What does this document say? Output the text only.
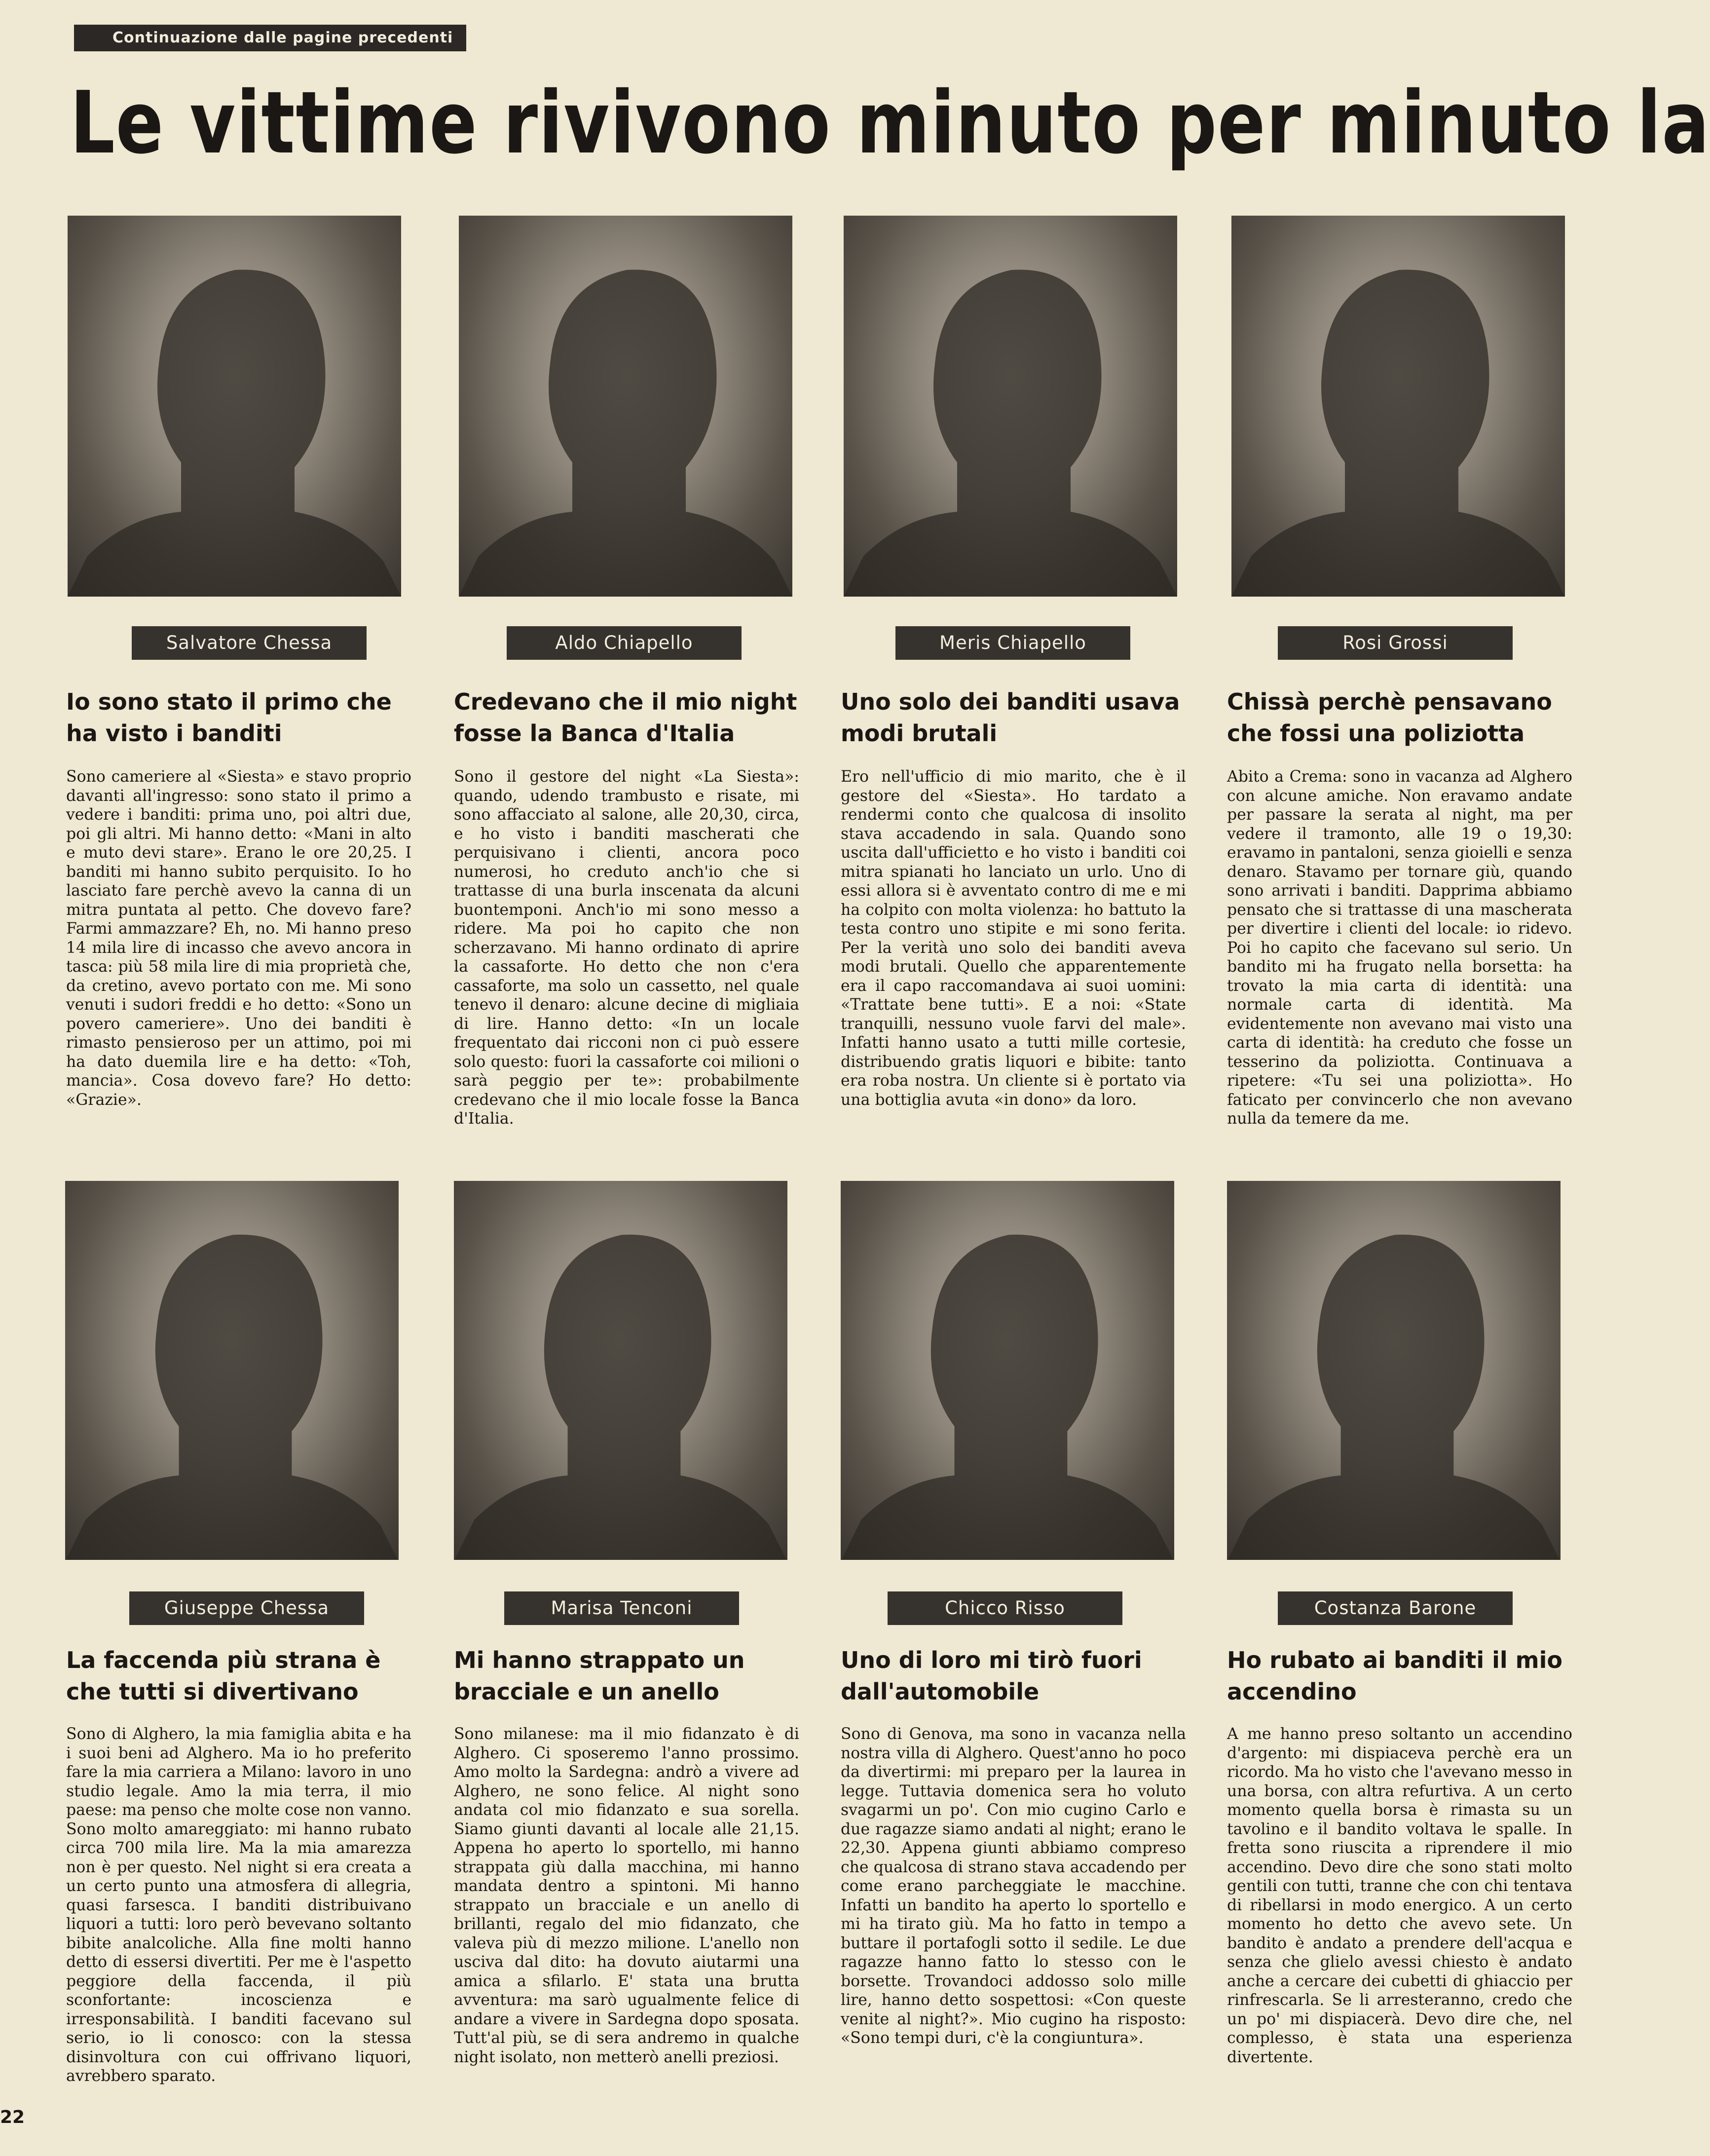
Continuazione dalle pagine precedenti
Le vittime rivivono minuto per minuto la
Salvatore Chessa	Aldo Chiapello	Meris Chiapello	Rosi Grossi
Io sono stato il primo che ha visto i banditi
Credevano che il mio night fosse la Banca d'Italia
Uno solo dei banditi usava modi brutali
Chissà perchè pensavano che fossi una poliziotta
Sono cameriere al «Siesta» e stavo proprio davanti all'ingresso: sono stato il primo a vedere i banditi: prima uno, poi altri due, poi gli altri. Mi hanno detto: «Mani in alto e muto devi stare». Erano le ore 20,25. I banditi mi hanno subito perquisito. Io ho lasciato fare perchè avevo la canna di un mitra puntata al petto. Che dovevo fare? Farmi ammazzare? Eh, no. Mi hanno preso 14 mila lire di incasso che avevo ancora in tasca: più 58 mila lire di mia proprietà che, da cretino, avevo portato con me. Mi sono venuti i sudori freddi e ho detto: «Sono un povero cameriere». Uno dei banditi è rimasto pensieroso per un attimo, poi mi ha dato duemila lire e ha detto: «Toh, mancia». Cosa dovevo fare? Ho detto: «Grazie».
Sono il gestore del night «La Siesta»: quando, udendo trambusto e risate, mi sono affacciato al salone, alle 20,30, circa, e ho visto i banditi mascherati che perquisivano i clienti, ancora poco numerosi, ho creduto anch'io che si trattasse di una burla inscenata da alcuni buontemponi. Anch'io mi sono messo a ridere. Ma poi ho capito che non scherzavano. Mi hanno ordinato di aprire la cassaforte. Ho detto che non c'era cassaforte, ma solo un cassetto, nel quale tenevo il denaro: alcune decine di migliaia di lire. Hanno detto: «In un locale frequentato dai ricconi non ci può essere solo questo: fuori la cassaforte coi milioni o sarà peggio per te»: probabilmente credevano che il mio locale fosse la Banca d'Italia.
Ero nell'ufficio di mio marito, che è il gestore del «Siesta». Ho tardato a rendermi conto che qualcosa di insolito stava accadendo in sala. Quando sono uscita dall'ufficietto e ho visto i banditi coi mitra spianati ho lanciato un urlo. Uno di essi allora si è avventato contro di me e mi ha colpito con molta violenza: ho battuto la testa contro uno stipite e mi sono ferita. Per la verità uno solo dei banditi aveva modi brutali. Quello che apparentemente era il capo raccomandava ai suoi uomini: «Trattate bene tutti». E a noi: «State tranquilli, nessuno vuole farvi del male». Infatti hanno usato a tutti mille cortesie, distribuendo gratis liquori e bibite: tanto era roba nostra. Un cliente si è portato via una bottiglia avuta «in dono» da loro.
Abito a Crema: sono in vacanza ad Alghero con alcune amiche. Non eravamo andate per passare la serata al night, ma per vedere il tramonto, alle 19 o 19,30: eravamo in pantaloni, senza gioielli e senza denaro. Stavamo per tornare giù, quando sono arrivati i banditi. Dapprima abbiamo pensato che si trattasse di una mascherata per divertire i clienti del locale: io ridevo. Poi ho capito che facevano sul serio. Un bandito mi ha frugato nella borsetta: ha trovato la mia carta di identità: una normale carta di identità. Ma evidentemente non avevano mai visto una carta di identità: ha creduto che fosse un tesserino da poliziotta. Continuava a ripetere: «Tu sei una poliziotta». Ho faticato per convincerlo che non avevano nulla da temere da me.
Giuseppe Chessa	Marisa Tenconi	Chicco Risso	Costanza Barone
La faccenda più strana è che tutti si divertivano
Mi hanno strappato un bracciale e un anello
Uno di loro mi tirò fuori dall'automobile
Ho rubato ai banditi il mio accendino
Sono di Alghero, la mia famiglia abita e ha i suoi beni ad Alghero. Ma io ho preferito fare la mia carriera a Milano: lavoro in uno studio legale. Amo la mia terra, il mio paese: ma penso che molte cose non vanno. Sono molto amareggiato: mi hanno rubato circa 700 mila lire. Ma la mia amarezza non è per questo. Nel night si era creata a un certo punto una atmosfera di allegria, quasi farsesca. I banditi distribuivano liquori a tutti: loro però bevevano soltanto bibite analcoliche. Alla fine molti hanno detto di essersi divertiti. Per me è l'aspetto peggiore della faccenda, il più sconfortante: incoscienza e irresponsabilità. I banditi facevano sul serio, io li conosco: con la stessa disinvoltura con cui offrivano liquori, avrebbero sparato.
Sono milanese: ma il mio fidanzato è di Alghero. Ci sposeremo l'anno prossimo. Amo molto la Sardegna: andrò a vivere ad Alghero, ne sono felice. Al night sono andata col mio fidanzato e sua sorella. Siamo giunti davanti al locale alle 21,15. Appena ho aperto lo sportello, mi hanno strappata giù dalla macchina, mi hanno mandata dentro a spintoni. Mi hanno strappato un bracciale e un anello di brillanti, regalo del mio fidanzato, che valeva più di mezzo milione. L'anello non usciva dal dito: ha dovuto aiutarmi una amica a sfilarlo. E' stata una brutta avventura: ma sarò ugualmente felice di andare a vivere in Sardegna dopo sposata. Tutt'al più, se di sera andremo in qualche night isolato, non metterò anelli preziosi.
Sono di Genova, ma sono in vacanza nella nostra villa di Alghero. Quest'anno ho poco da divertirmi: mi preparo per la laurea in legge. Tuttavia domenica sera ho voluto svagarmi un po'. Con mio cugino Carlo e due ragazze siamo andati al night; erano le 22,30. Appena giunti abbiamo compreso che qualcosa di strano stava accadendo per come erano parcheggiate le macchine. Infatti un bandito ha aperto lo sportello e mi ha tirato giù. Ma ho fatto in tempo a buttare il portafogli sotto il sedile. Le due ragazze hanno fatto lo stesso con le borsette. Trovandoci addosso solo mille lire, hanno detto sospettosi: «Con queste venite al night?». Mio cugino ha risposto: «Sono tempi duri, c'è la congiuntura».
A me hanno preso soltanto un accendino d'argento: mi dispiaceva perchè era un ricordo. Ma ho visto che l'avevano messo in una borsa, con altra refurtiva. A un certo momento quella borsa è rimasta su un tavolino e il bandito voltava le spalle. In fretta sono riuscita a riprendere il mio accendino. Devo dire che sono stati molto gentili con tutti, tranne che con chi tentava di ribellarsi in modo energico. A un certo momento ho detto che avevo sete. Un bandito è andato a prendere dell'acqua e senza che glielo avessi chiesto è andato anche a cercare dei cubetti di ghiaccio per rinfrescarla. Se li arresteranno, credo che un po' mi dispiacerà. Devo dire che, nel complesso, è stata una esperienza divertente.
22
